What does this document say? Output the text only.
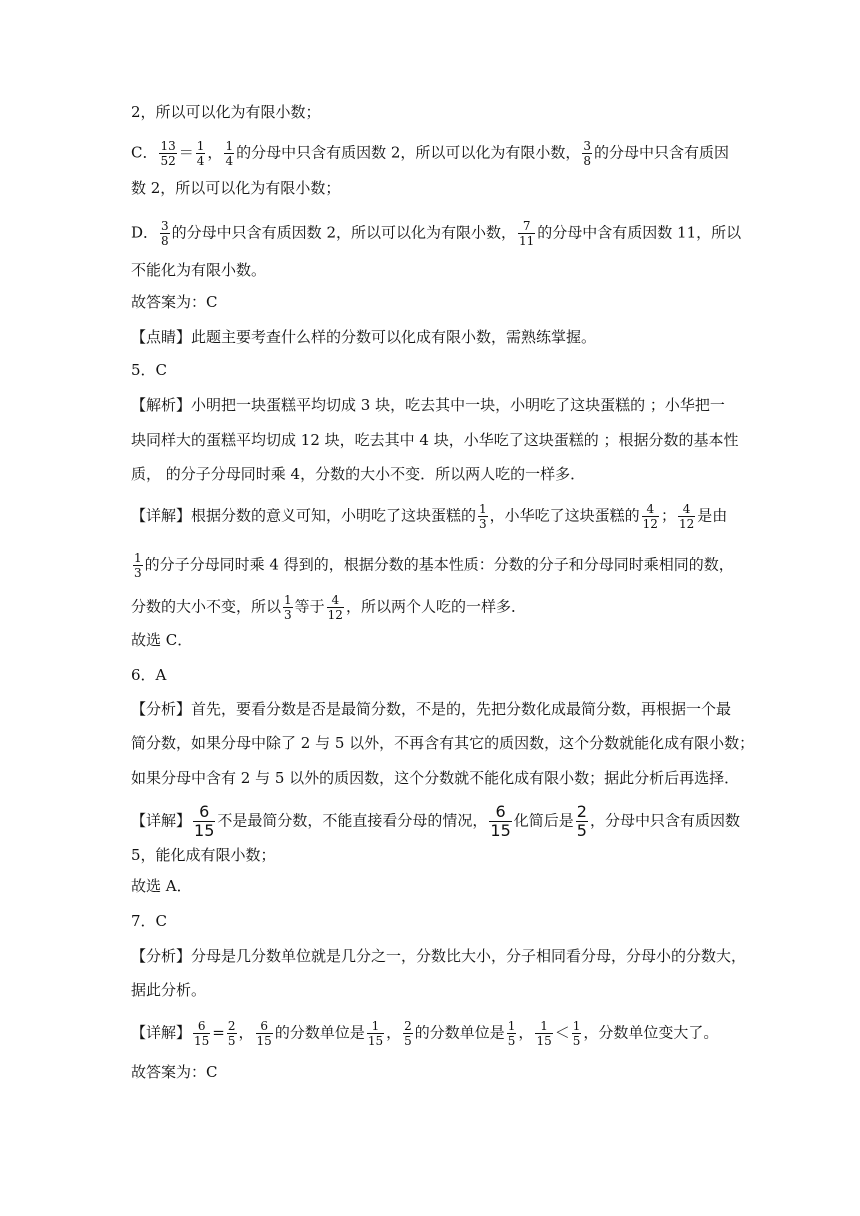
2，所以可以化为有限小数；
C． $\frac{13}{52} = \frac{1}{4}$ ， $\frac{1}{4}$ 的分母中只含有质因数 2，所以可以化为有限小数， $\frac{3}{8}$ 的分母中只含有质因
数 2，所以可以化为有限小数；
D． $\frac{3}{8}$ 的分母中只含有质因数 2，所以可以化为有限小数， $\frac{7}{11}$ 的分母中含有质因数 11，所以
不能化为有限小数。
故答案为：C
【点睛】此题主要考查什么样的分数可以化成有限小数，需熟练掌握。
5．C
【解析】小明把一块蛋糕平均切成 3 块，吃去其中一块，小明吃了这块蛋糕的 ；小华把一
块同样大的蛋糕平均切成 12 块，吃去其中 4 块，小华吃了这块蛋糕的 ；根据分数的基本性
质， 的分子分母同时乘 4，分数的大小不变．所以两人吃的一样多．
【详解】根据分数的意义可知，小明吃了这块蛋糕的 $\frac{1}{3}$ ，小华吃了这块蛋糕的 $\frac{4}{12}$ ； $\frac{4}{12}$ 是由
$\frac{1}{3}$ 的分子分母同时乘 4 得到的，根据分数的基本性质：分数的分子和分母同时乘相同的数，
分数的大小不变，所以 $\frac{1}{3}$ 等于 $\frac{4}{12}$ ，所以两个人吃的一样多．
故选 C．
6．A
【分析】首先，要看分数是否是最简分数，不是的，先把分数化成最简分数，再根据一个最
简分数，如果分母中除了 2 与 5 以外，不再含有其它的质因数，这个分数就能化成有限小数；
如果分母中含有 2 与 5 以外的质因数，这个分数就不能化成有限小数；据此分析后再选择．
【详解】 $\frac{6}{15}$ 不是最简分数，不能直接看分母的情况， $\frac{6}{15}$ 化简后是 $\frac{2}{5}$ ，分母中只含有质因数
5，能化成有限小数；
故选 A．
7．C
【分析】分母是几分数单位就是几分之一，分数比大小，分子相同看分母，分母小的分数大，
据此分析。
【详解】 $\frac{6}{15} = \frac{2}{5}$ ， $\frac{6}{15}$ 的分数单位是 $\frac{1}{15}$ ， $\frac{2}{5}$ 的分数单位是 $\frac{1}{5}$ ， $\frac{1}{15} < \frac{1}{5}$ ，分数单位变大了。
故答案为：C
